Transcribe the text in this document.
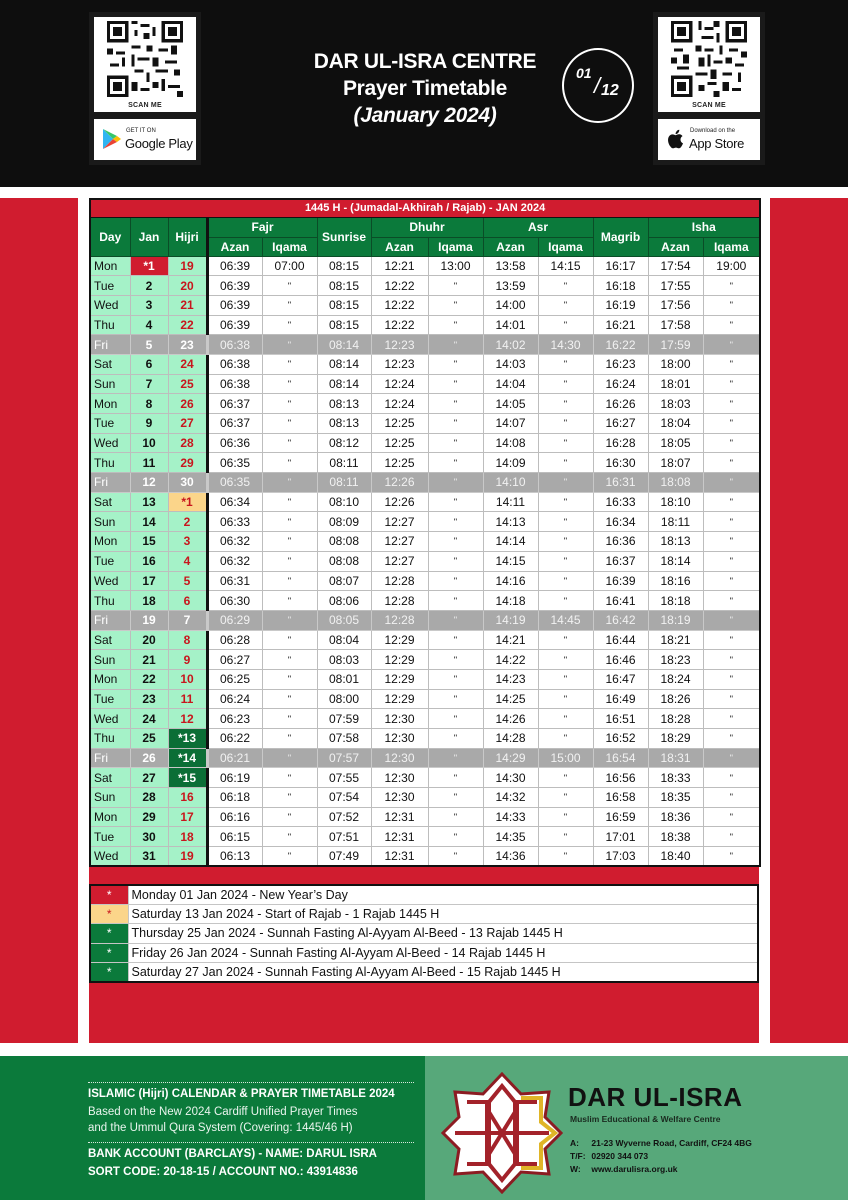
SCAN ME
GET IT ON
Google Play
DAR UL-ISRA CENTRE
Prayer Timetable
(January 2024)
01 / 12
SCAN ME
Download on the
App Store
1445 H - (Jumadal-Akhirah / Rajab) - JAN 2024												
Day	Jan	Hijri	Fajr		Sunrise	Dhuhr		Asr		Magrib	Isha	
			Azan	Iqama		Azan	Iqama	Azan	Iqama		Azan	Iqama
Mon	*1	19	06:39	07:00	08:15	12:21	13:00	13:58	14:15	16:17	17:54	19:00
Tue	2	20	06:39	"	08:15	12:22	"	13:59	"	16:18	17:55	"
Wed	3	21	06:39	"	08:15	12:22	"	14:00	"	16:19	17:56	"
Thu	4	22	06:39	"	08:15	12:22	"	14:01	"	16:21	17:58	"
Fri	5	23	06:38	"	08:14	12:23	"	14:02	14:30	16:22	17:59	"
Sat	6	24	06:38	"	08:14	12:23	"	14:03	"	16:23	18:00	"
Sun	7	25	06:38	"	08:14	12:24	"	14:04	"	16:24	18:01	"
Mon	8	26	06:37	"	08:13	12:24	"	14:05	"	16:26	18:03	"
Tue	9	27	06:37	"	08:13	12:25	"	14:07	"	16:27	18:04	"
Wed	10	28	06:36	"	08:12	12:25	"	14:08	"	16:28	18:05	"
Thu	11	29	06:35	"	08:11	12:25	"	14:09	"	16:30	18:07	"
Fri	12	30	06:35	"	08:11	12:26	"	14:10	"	16:31	18:08	"
Sat	13	*1	06:34	"	08:10	12:26	"	14:11	"	16:33	18:10	"
Sun	14	2	06:33	"	08:09	12:27	"	14:13	"	16:34	18:11	"
Mon	15	3	06:32	"	08:08	12:27	"	14:14	"	16:36	18:13	"
Tue	16	4	06:32	"	08:08	12:27	"	14:15	"	16:37	18:14	"
Wed	17	5	06:31	"	08:07	12:28	"	14:16	"	16:39	18:16	"
Thu	18	6	06:30	"	08:06	12:28	"	14:18	"	16:41	18:18	"
Fri	19	7	06:29	"	08:05	12:28	"	14:19	14:45	16:42	18:19	"
Sat	20	8	06:28	"	08:04	12:29	"	14:21	"	16:44	18:21	"
Sun	21	9	06:27	"	08:03	12:29	"	14:22	"	16:46	18:23	"
Mon	22	10	06:25	"	08:01	12:29	"	14:23	"	16:47	18:24	"
Tue	23	11	06:24	"	08:00	12:29	"	14:25	"	16:49	18:26	"
Wed	24	12	06:23	"	07:59	12:30	"	14:26	"	16:51	18:28	"
Thu	25	*13	06:22	"	07:58	12:30	"	14:28	"	16:52	18:29	"
Fri	26	*14	06:21	"	07:57	12:30	"	14:29	15:00	16:54	18:31	"
Sat	27	*15	06:19	"	07:55	12:30	"	14:30	"	16:56	18:33	"
Sun	28	16	06:18	"	07:54	12:30	"	14:32	"	16:58	18:35	"
Mon	29	17	06:16	"	07:52	12:31	"	14:33	"	16:59	18:36	"
Tue	30	18	06:15	"	07:51	12:31	"	14:35	"	17:01	18:38	"
Wed	31	19	06:13	"	07:49	12:31	"	14:36	"	17:03	18:40	"
*	Monday 01 Jan 2024 - New Year’s Day
*	Saturday 13 Jan 2024 - Start of Rajab - 1 Rajab 1445 H
*	Thursday 25 Jan 2024 - Sunnah Fasting Al-Ayyam Al-Beed - 13 Rajab 1445 H
*	Friday 26 Jan 2024 - Sunnah Fasting Al-Ayyam Al-Beed - 14 Rajab 1445 H
*	Saturday 27 Jan 2024 - Sunnah Fasting Al-Ayyam Al-Beed - 15 Rajab 1445 H
ISLAMIC (Hijri) CALENDAR & PRAYER TIMETABLE 2024
Based on the New 2024 Cardiff Unified Prayer Times
and the Ummul Qura System (Covering: 1445/46 H)
BANK ACCOUNT (BARCLAYS) - NAME: DARUL ISRA
SORT CODE: 20-18-15 / ACCOUNT NO.: 43914836
DAR UL-ISRA
Muslim Educational & Welfare Centre
A: 21-23 Wyverne Road, Cardiff, CF24 4BG
T/F: 02920 344 073
W: www.darulisra.org.uk
